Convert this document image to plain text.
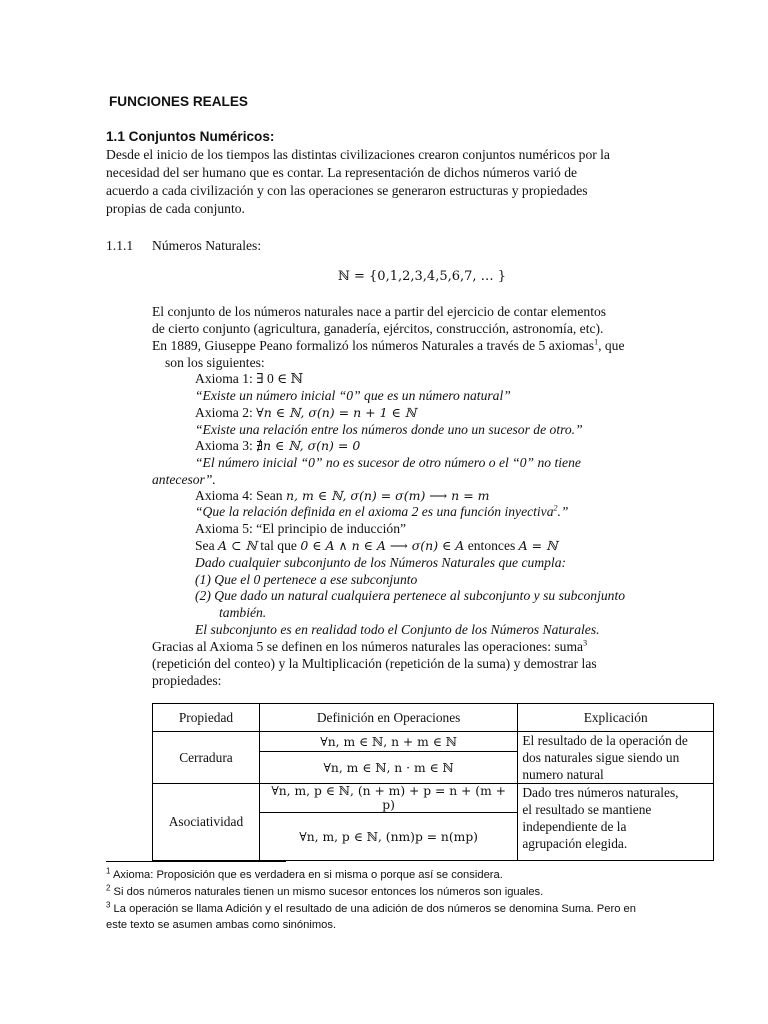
FUNCIONES REALES
1.1 Conjuntos Numéricos:
Desde el inicio de los tiempos las distintas civilizaciones crearon conjuntos numéricos por la
necesidad del ser humano que es contar. La representación de dichos números varió de
acuerdo a cada civilización y con las operaciones se generaron estructuras y propiedades
propias de cada conjunto.
1.1.1 Números Naturales:
ℕ = {0,1,2,3,4,5,6,7, … }
El conjunto de los números naturales nace a partir del ejercicio de contar elementos
de cierto conjunto (agricultura, ganadería, ejércitos, construcción, astronomía, etc).
En 1889, Giuseppe Peano formalizó los números Naturales a través de 5 axiomas$^1$, que
son los siguientes:
Axioma 1: ∃ 0 ∈ ℕ
“Existe un número inicial “0” que es un número natural”
Axioma 2: ∀n ∈ ℕ, σ(n) = n + 1 ∈ ℕ
“Existe una relación entre los números donde uno un sucesor de otro.”
Axioma 3: ∄n ∈ ℕ, σ(n) = 0
“El número inicial “0” no es sucesor de otro número o el “0” no tiene
antecesor”.
Axioma 4: Sean n, m ∈ ℕ, σ(n) = σ(m) ⟶ n = m
“Que la relación definida en el axioma 2 es una función inyectiva$^2$.”
Axioma 5: “El principio de inducción”
Sea A ⊂ ℕ tal que 0 ∈ A ∧ n ∈ A ⟶ σ(n) ∈ A entonces A = ℕ
Dado cualquier subconjunto de los Números Naturales que cumpla:
(1) Que el 0 pertenece a ese subconjunto
(2) Que dado un natural cualquiera pertenece al subconjunto y su subconjunto
también.
El subconjunto es en realidad todo el Conjunto de los Números Naturales.
Gracias al Axioma 5 se definen en los números naturales las operaciones: suma$^3$
(repetición del conteo) y la Multiplicación (repetición de la suma) y demostrar las
propiedades:
Propiedad	Definición en Operaciones	Explicación
Cerradura	∀n, m ∈ ℕ, n + m ∈ ℕ	El resultado de la operación de
dos naturales sigue siendo un
numero natural

	∀n, m ∈ ℕ, n · m ∈ ℕ	
Asociatividad	∀n, m, p ∈ ℕ, (n + m) + p = n + (m + p)	Dado tres números naturales,
el resultado se mantiene
independiente de la
agrupación elegida.

	∀n, m, p ∈ ℕ, (nm)p = n(mp)	
$^1$ Axioma: Proposición que es verdadera en si misma o porque así se considera.
$^2$ Si dos números naturales tienen un mismo sucesor entonces los números son iguales.
$^3$ La operación se llama Adición y el resultado de una adición de dos números se denomina Suma. Pero en
este texto se asumen ambas como sinónimos.
